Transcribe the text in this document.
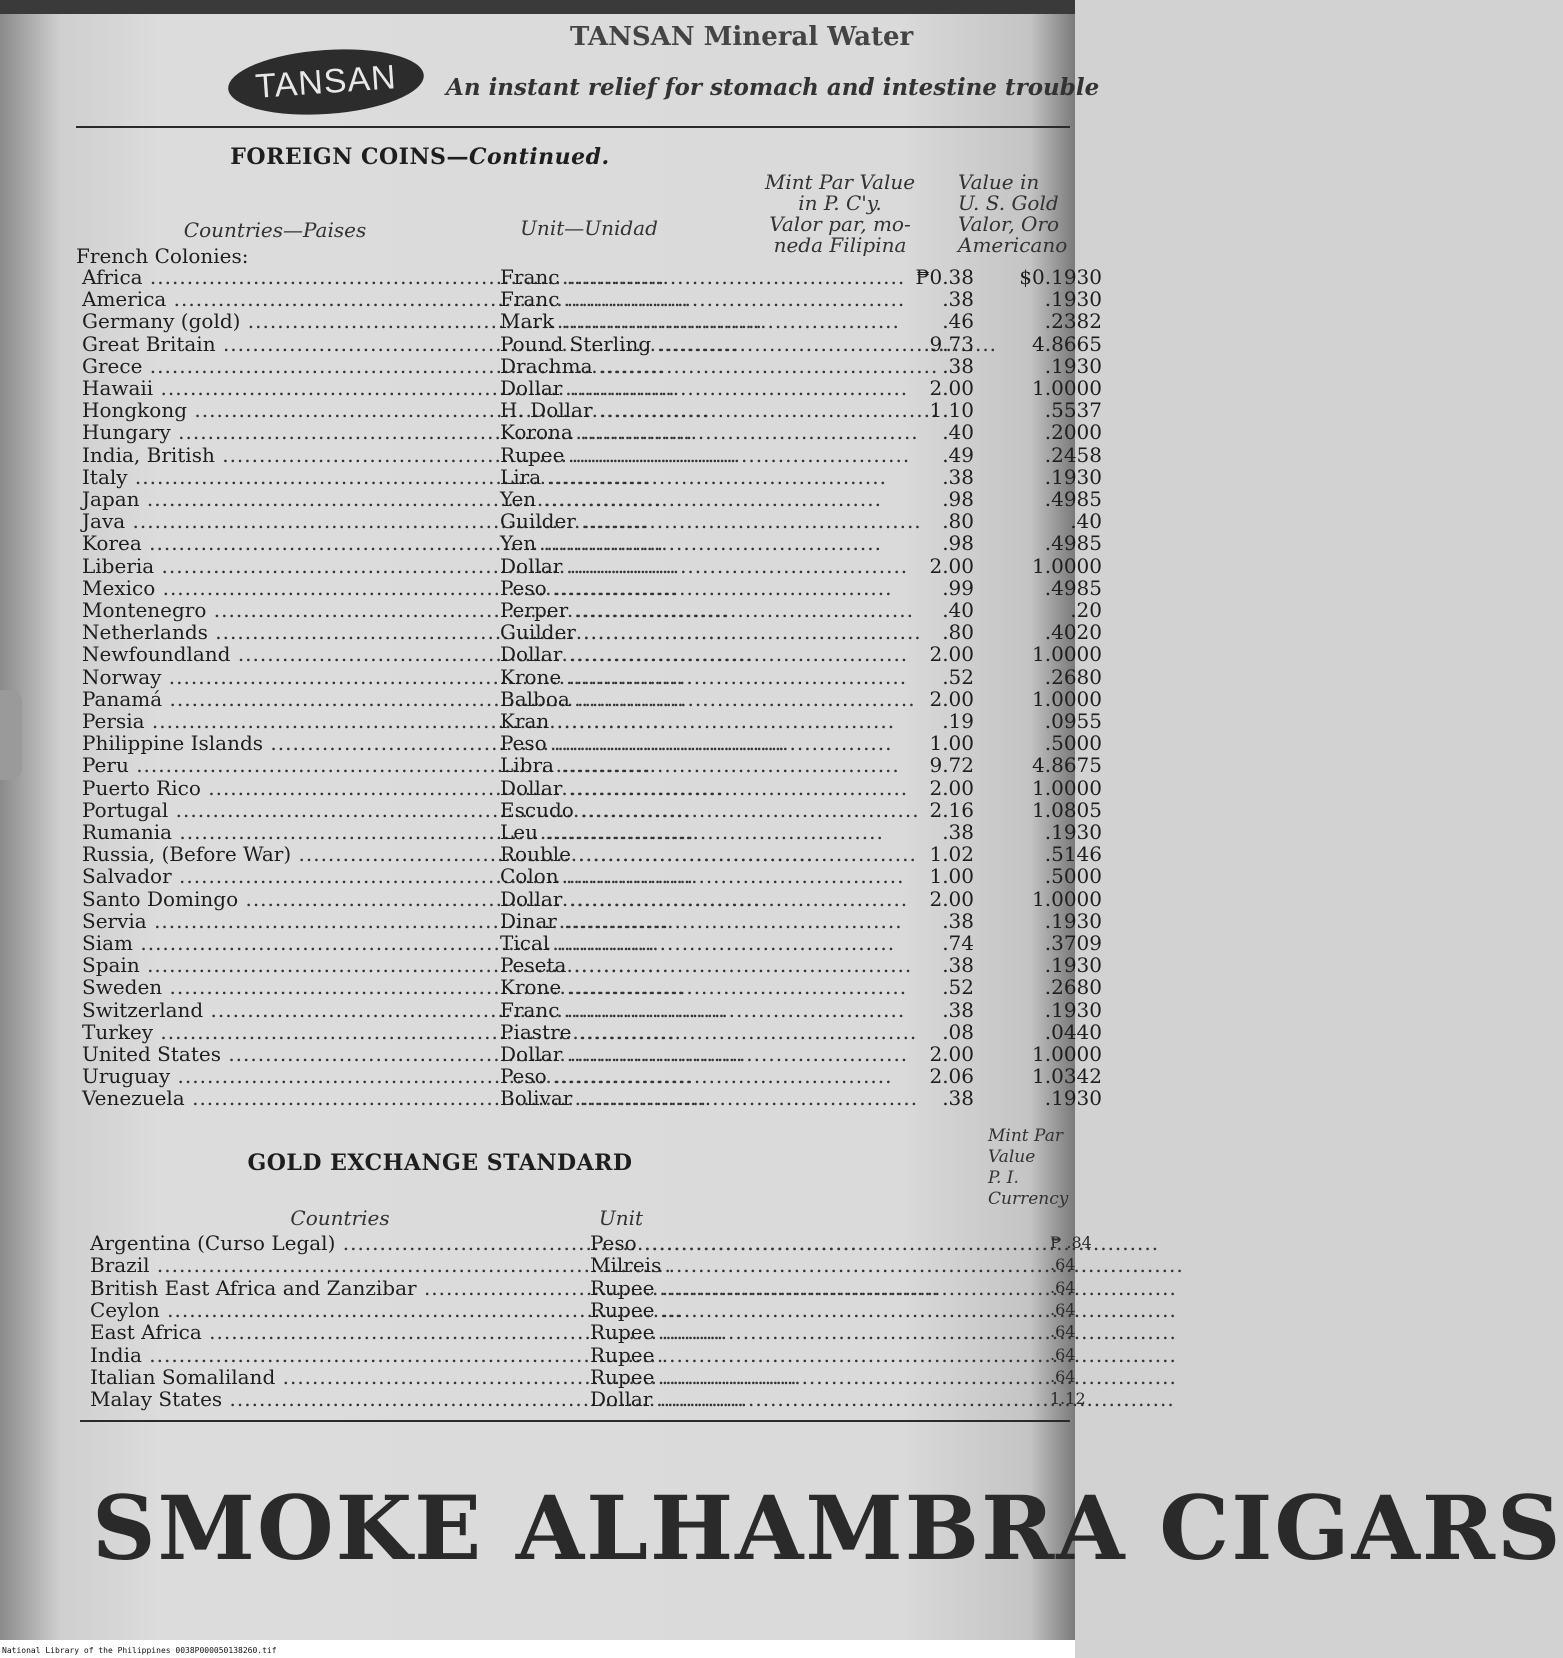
TANSAN
TANSAN Mineral Water
An instant relief for stomach and intestine trouble
FOREIGN COINS—Continued.
Countries—Paises	Unit—Unidad
Mint Par Value
in P. C'y.
Valor par, mo-
neda Filipina
Value in
U. S. Gold
Valor, Oro
Americano
French Colonies:
Africa .....	Franc .....	₱0.38	$0.1930
America .....	Franc .....	.38	.1930
Germany (gold) .....	Mark .....	.46	.2382
Great Britain .....	Pound Sterling .....	9.73	4.8665
Grece .....	Drachma .....	.38	.1930
Hawaii .....	Dollar .....	2.00	1.0000
Hongkong .....	H. Dollar .....	1.10	.5537
Hungary .....	Korona .....	.40	.2000
India, British .....	Rupee .....	.49	.2458
Italy .....	Lira .....	.38	.1930
Japan .....	Yen .....	.98	.4985
Java .....	Guilder .....	.80	.40
Korea .....	Yen .....	.98	.4985
Liberia .....	Dollar .....	2.00	1.0000
Mexico .....	Peso .....	.99	.4985
Montenegro .....	Perper .....	.40	.20
Netherlands .....	Guilder .....	.80	.4020
Newfoundland .....	Dollar .....	2.00	1.0000
Norway .....	Krone .....	.52	.2680
Panamá .....	Balboa .....	2.00	1.0000
Persia .....	Kran .....	.19	.0955
Philippine Islands .....	Peso .....	1.00	.5000
Peru .....	Libra .....	9.72	4.8675
Puerto Rico .....	Dollar .....	2.00	1.0000
Portugal .....	Escudo .....	2.16	1.0805
Rumania .....	Leu .....	.38	.1930
Russia, (Before War) .....	Rouble .....	1.02	.5146
Salvador .....	Colon .....	1.00	.5000
Santo Domingo .....	Dollar .....	2.00	1.0000
Servia .....	Dinar .....	.38	.1930
Siam .....	Tical .....	.74	.3709
Spain .....	Peseta .....	.38	.1930
Sweden .....	Krone .....	.52	.2680
Switzerland .....	Franc .....	.38	.1930
Turkey .....	Piastre .....	.08	.0440
United States .....	Dollar .....	2.00	1.0000
Uruguay .....	Peso .....	2.06	1.0342
Venezuela .....	Bolivar .....	.38	.1930
GOLD EXCHANGE STANDARD
Countries	Unit
Mint Par
Value
P. I.
Currency
Argentina (Curso Legal) .....	Peso .....	₱ .84
Brazil .....	Milreis .....	.64
British East Africa and Zanzibar .....	Rupee .....	.64
Ceylon .....	Rupee .....	.64
East Africa .....	Rupee .....	.64
India .....	Rupee .....	.64
Italian Somaliland .....	Rupee .....	.64
Malay States .....	Dollar .....	1.12
SMOKE ALHAMBRA CIGARS
National Library of the Philippines 0038P000050138260.tif
